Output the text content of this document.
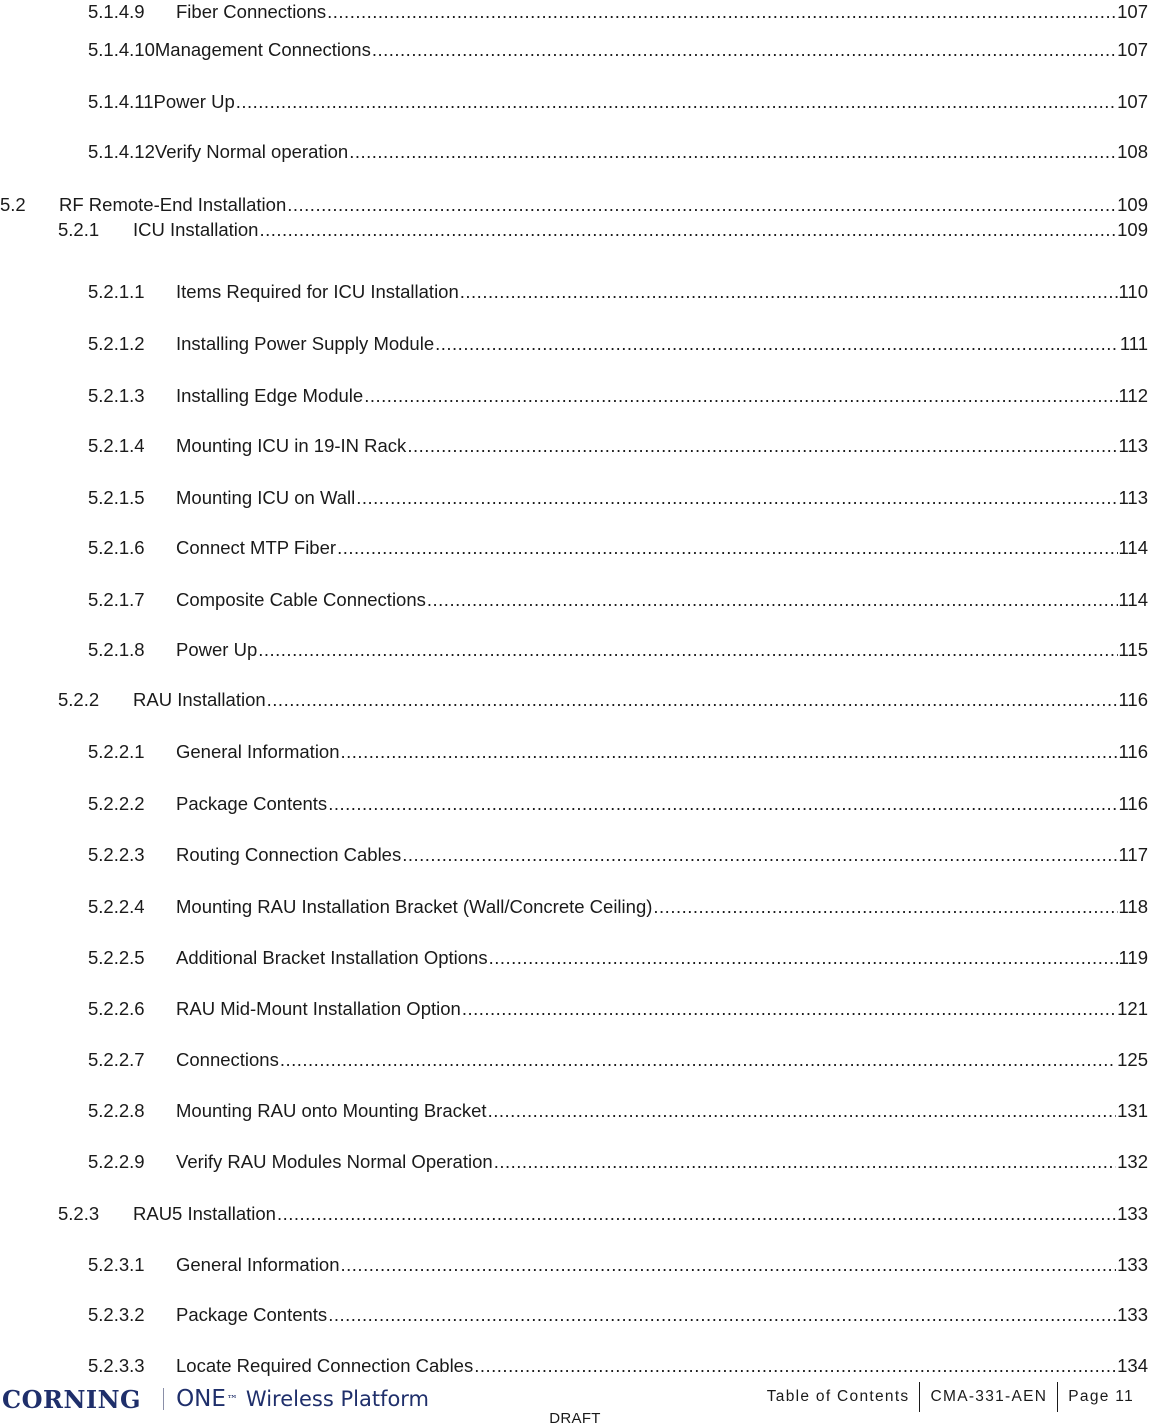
5.1.4.9	Fiber Connections .....	107
5.1.4.10 Management Connections .....	107
5.1.4.11 Power Up .....	107
5.1.4.12 Verify Normal operation .....	108
5.2	RF Remote-End Installation .....	109
5.2.1	ICU Installation .....	109
5.2.1.1	Items Required for ICU Installation .....	110
5.2.1.2	Installing Power Supply Module .....	111
5.2.1.3	Installing Edge Module .....	112
5.2.1.4	Mounting ICU in 19-IN Rack .....	113
5.2.1.5	Mounting ICU on Wall .....	113
5.2.1.6	Connect MTP Fiber .....	114
5.2.1.7	Composite Cable Connections .....	114
5.2.1.8	Power Up .....	115
5.2.2	RAU Installation .....	116
5.2.2.1	General Information .....	116
5.2.2.2	Package Contents .....	116
5.2.2.3	Routing Connection Cables .....	117
5.2.2.4	Mounting RAU Installation Bracket (Wall/Concrete Ceiling) .....	118
5.2.2.5	Additional Bracket Installation Options .....	119
5.2.2.6	RAU Mid-Mount Installation Option .....	121
5.2.2.7	Connections .....	125
5.2.2.8	Mounting RAU onto Mounting Bracket .....	131
5.2.2.9	Verify RAU Modules Normal Operation .....	132
5.2.3	RAU5 Installation .....	133
5.2.3.1	General Information .....	133
5.2.3.2	Package Contents .....	133
5.2.3.3	Locate Required Connection Cables .....	134
CORNING ONE ™ Wireless Platform	Table of Contents	CMA-331-AEN	Page 11
DRAFT
